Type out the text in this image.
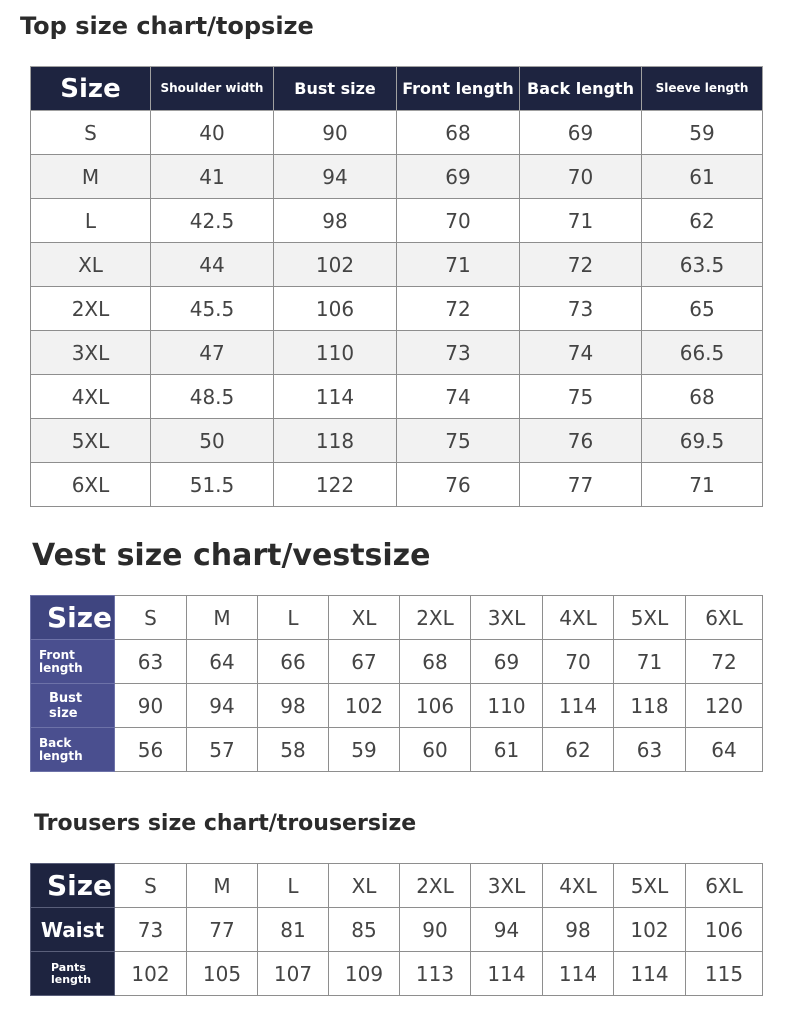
Top size chart/topsize
Size	Shoulder width	Bust size	Front length	Back length	Sleeve length
S	40	90	68	69	59
M	41	94	69	70	61
L	42.5	98	70	71	62
XL	44	102	71	72	63.5
2XL	45.5	106	72	73	65
3XL	47	110	73	74	66.5
4XL	48.5	114	74	75	68
5XL	50	118	75	76	69.5
6XL	51.5	122	76	77	71
Vest size chart/vestsize
Size	S	M	L	XL	2XL	3XL	4XL	5XL	6XL
Front length	63	64	66	67	68	69	70	71	72
Bust size	90	94	98	102	106	110	114	118	120
Back length	56	57	58	59	60	61	62	63	64
Trousers size chart/trousersize
Size	S	M	L	XL	2XL	3XL	4XL	5XL	6XL
Waist	73	77	81	85	90	94	98	102	106
Pants length	102	105	107	109	113	114	114	114	115
